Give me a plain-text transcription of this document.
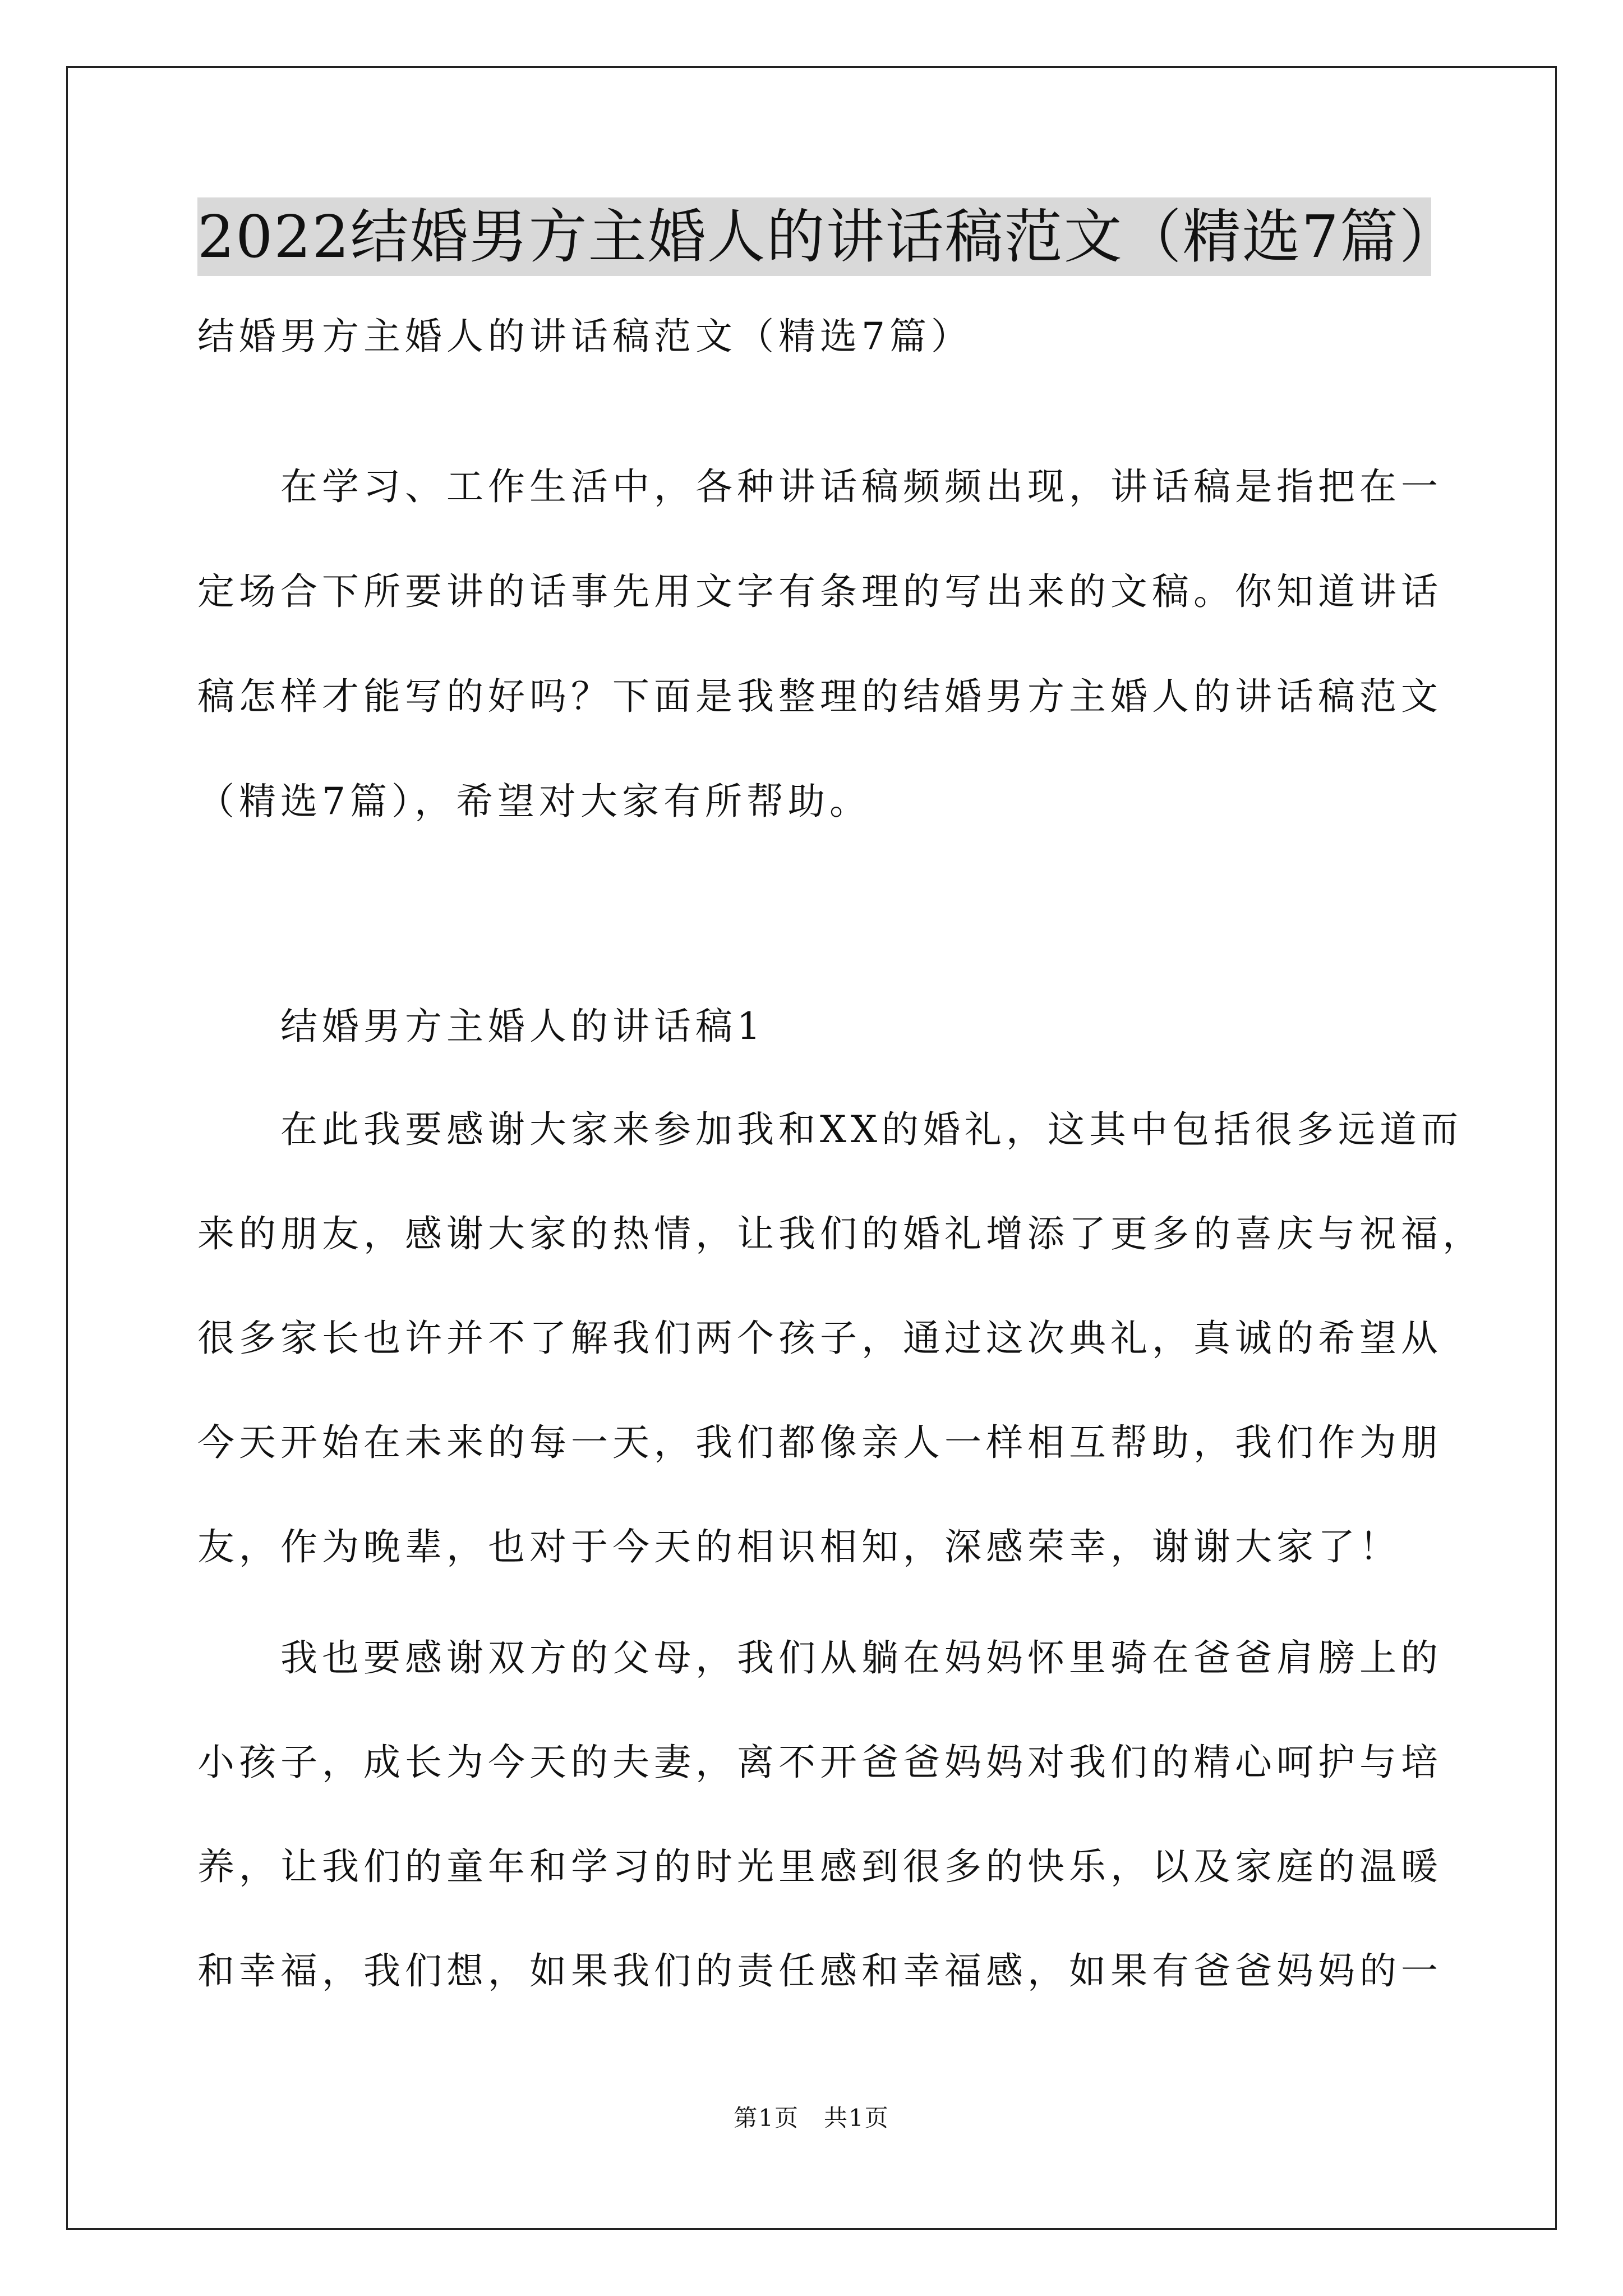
2022结婚男方主婚人的讲话稿范文（精选7篇）

结婚男方主婚人的讲话稿范文（精选7篇）

在学习、工作生活中，各种讲话稿频频出现，讲话稿是指把在一

定场合下所要讲的话事先用文字有条理的写出来的文稿。你知道讲话

稿怎样才能写的好吗？下面是我整理的结婚男方主婚人的讲话稿范文

（精选7篇），希望对大家有所帮助。

结婚男方主婚人的讲话稿1

在此我要感谢大家来参加我和XX的婚礼，这其中包括很多远道而

来的朋友，感谢大家的热情，让我们的婚礼增添了更多的喜庆与祝福，

很多家长也许并不了解我们两个孩子，通过这次典礼，真诚的希望从

今天开始在未来的每一天，我们都像亲人一样相互帮助，我们作为朋

友，作为晚辈，也对于今天的相识相知，深感荣幸，谢谢大家了！

我也要感谢双方的父母，我们从躺在妈妈怀里骑在爸爸肩膀上的

小孩子，成长为今天的夫妻，离不开爸爸妈妈对我们的精心呵护与培

养，让我们的童年和学习的时光里感到很多的快乐，以及家庭的温暖

和幸福，我们想，如果我们的责任感和幸福感，如果有爸爸妈妈的一

第1页　共1页
